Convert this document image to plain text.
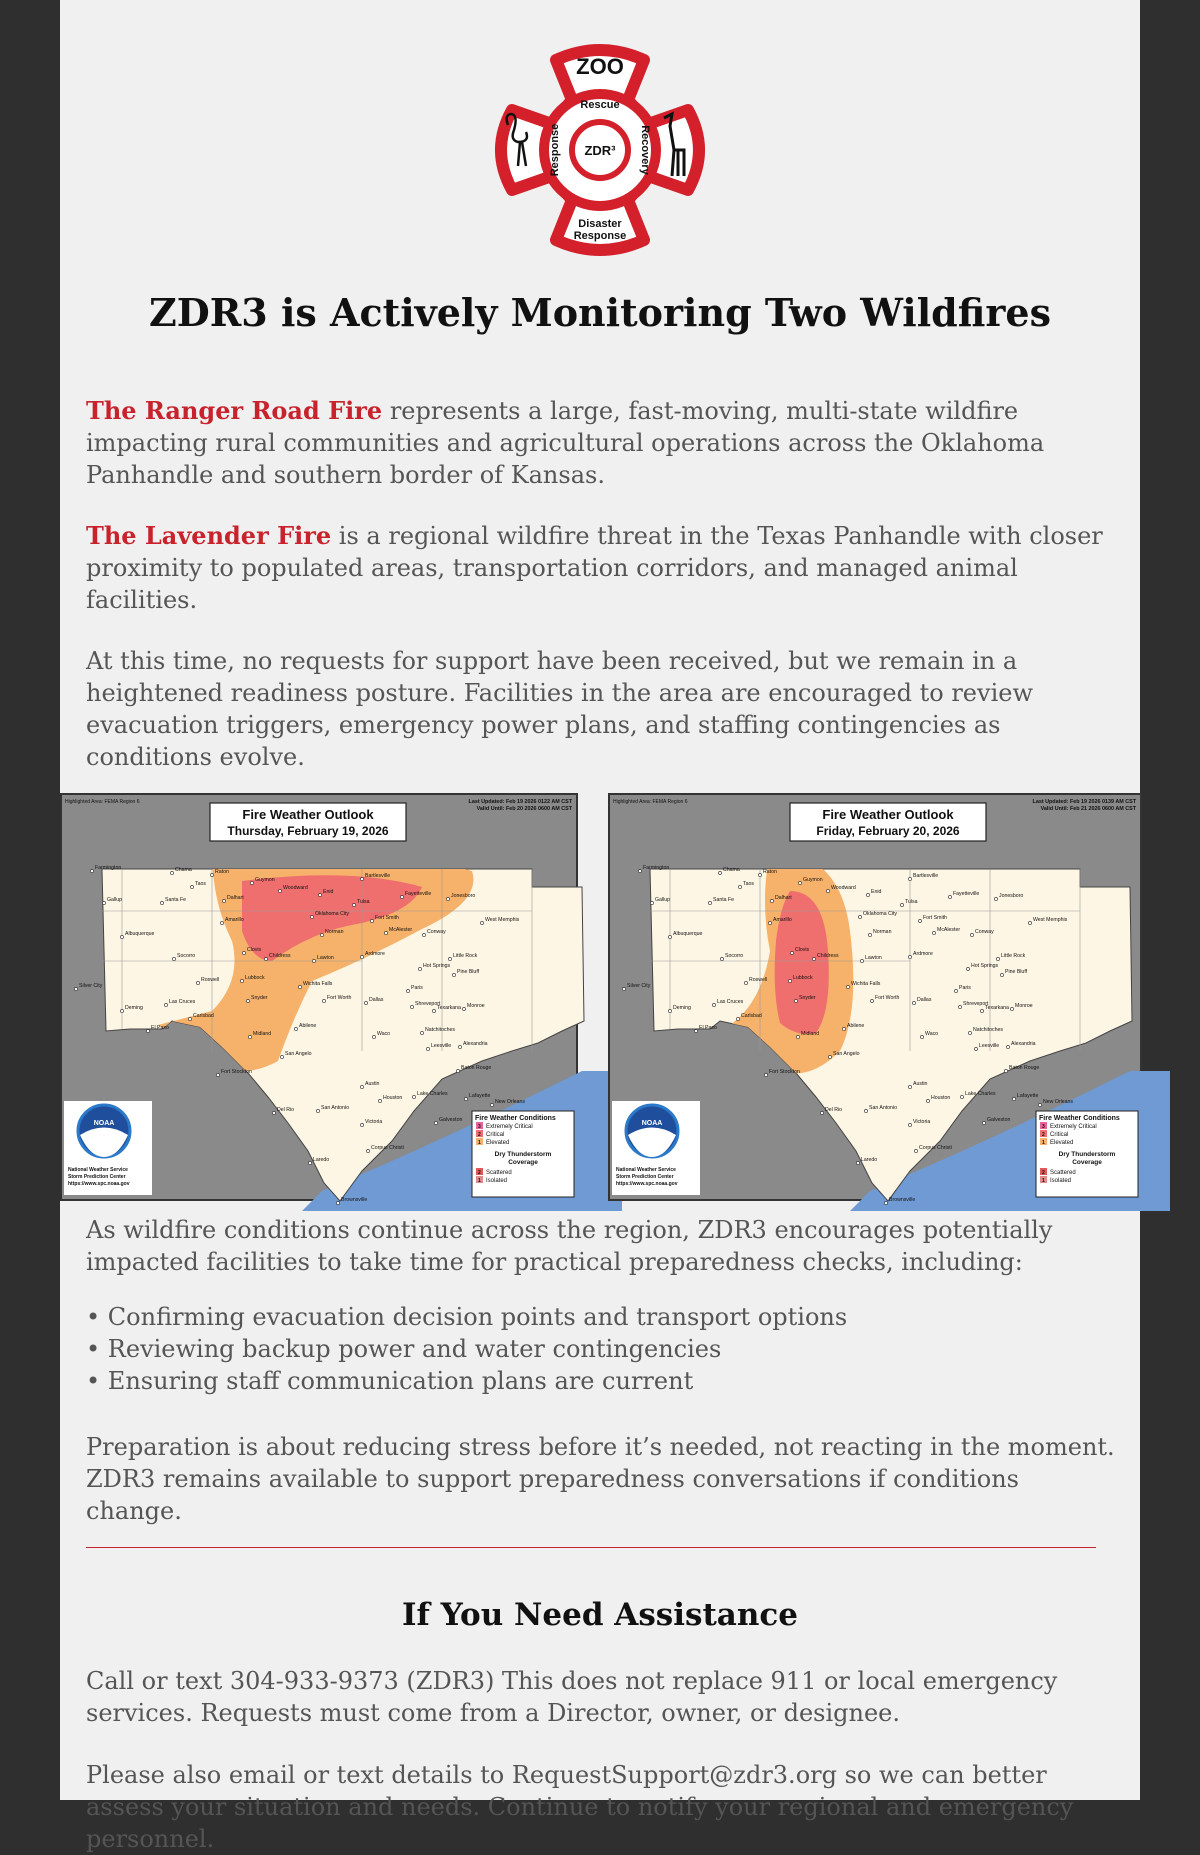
ZOO
Rescue
Response	Recovery
ZDR³
Disaster
Response
ZDR3 is Actively Monitoring Two Wildfires

The Ranger Road Fire represents a large, fast-moving, multi-state wildfire impacting rural communities and agricultural operations across the Oklahoma Panhandle and southern border of Kansas.

The Lavender Fire is a regional wildfire threat in the Texas Panhandle with closer proximity to populated areas, transportation corridors, and managed animal facilities.

At this time, no requests for support have been received, but we remain in a heightened readiness posture. Facilities in the area are encouraged to review evacuation triggers, emergency power plans, and staffing contingencies as conditions evolve.

Farmington	Chama	Raton
Guymon
Bartlesville
Taos
Dalhart
Woodward
Enid
Tulsa
Fayetteville	Jonesboro
Gallup	Santa Fe
Amarillo
Oklahoma City
Fort Smith	West Memphis
Albuquerque	Norman	McAlester	Conway
Socorro
Clovis
Childress	Lawton
Ardmore
Hot Springs
Little Rock
Pine Bluff
Roswell	Lubbock
Wichita Falls
Paris
Silver City
Las Cruces
Snyder	Fort Worth	Dallas
Shreveport
Texarkana Monroe
Deming
Carlsbad
Abilene
Natchitoches
El Paso
Midland	Waco
Leesville Alexandria
San Angelo
Baton Rouge
Fort Stockton
Austin
Houston
Lake Charles	Lafayette
New Orleans
Del Rio	San Antonio
Victoria	Galveston
Corpus Christi
Laredo
Brownsville
Highlighted Area: FEMA Region 6	Last Updated: Feb 19 2026 0122 AM CST
Valid Until: Feb 20 2026 0600 AM CST
Fire Weather Outlook
Thursday, February 19, 2026
NOAA
National Weather Service
Storm Prediction Center
https://www.spc.noaa.gov
Fire Weather Conditions
3 Extremely Critical
2 Critical
1 Elevated
Dry Thunderstorm
Coverage
2 Scattered
1 Isolated
Farmington	Chama	Raton
Guymon
Bartlesville
Taos
Dalhart
Woodward
Enid
Tulsa
Fayetteville	Jonesboro
Gallup	Santa Fe
Amarillo
Oklahoma City
Fort Smith	West Memphis
Albuquerque	Norman	McAlester	Conway
Socorro
Clovis
Childress	Lawton
Ardmore
Hot Springs
Little Rock
Pine Bluff
Roswell	Lubbock
Wichita Falls
Paris
Silver City
Las Cruces
Snyder	Fort Worth	Dallas
Shreveport
Texarkana Monroe
Deming
Carlsbad
Abilene
Natchitoches
El Paso
Midland	Waco
Leesville Alexandria
San Angelo
Baton Rouge
Fort Stockton
Austin
Houston
Lake Charles	Lafayette
New Orleans
Del Rio	San Antonio
Victoria	Galveston
Corpus Christi
Laredo
Brownsville
Highlighted Area: FEMA Region 6	Last Updated: Feb 19 2026 0139 AM CST
Valid Until: Feb 21 2026 0600 AM CST
Fire Weather Outlook
Friday, February 20, 2026
NOAA
National Weather Service
Storm Prediction Center
https://www.spc.noaa.gov
Fire Weather Conditions
3 Extremely Critical
2 Critical
1 Elevated
Dry Thunderstorm
Coverage
2 Scattered
1 Isolated

As wildfire conditions continue across the region, ZDR3 encourages potentially impacted facilities to take time for practical preparedness checks, including:

• Confirming evacuation decision points and transport options
• Reviewing backup power and water contingencies
• Ensuring staff communication plans are current

Preparation is about reducing stress before it’s needed, not reacting in the moment. ZDR3 remains available to support preparedness conversations if conditions change.

If You Need Assistance

Call or text 304-933-9373 (ZDR3) This does not replace 911 or local emergency services. Requests must come from a Director, owner, or designee.

Please also email or text details to RequestSupport@zdr3.org so we can better assess your situation and needs. Continue to notify your regional and emergency personnel.
